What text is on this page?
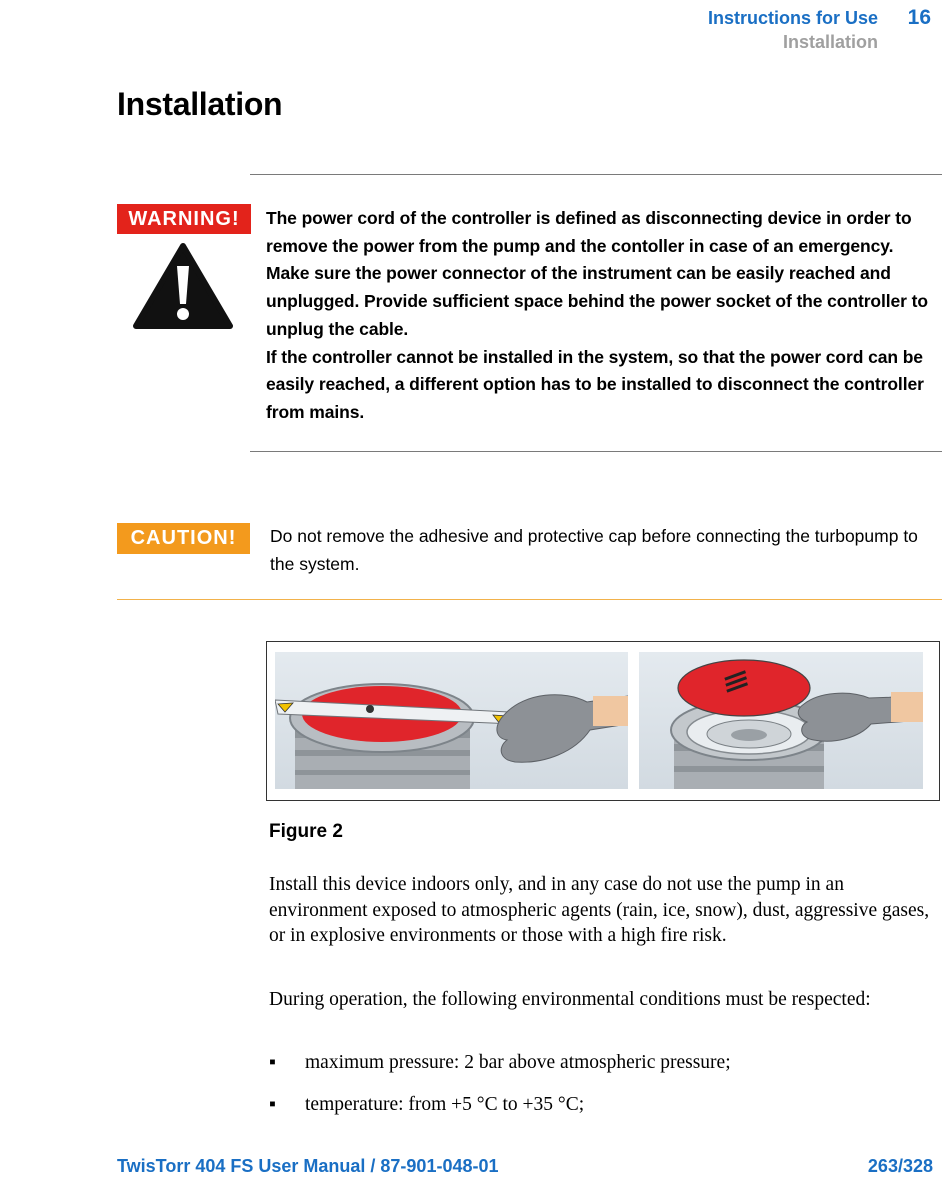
Instructions for Use 16
Installation
Installation
WARNING!	The power cord of the controller is defined as disconnecting device in order to remove the power from the pump and the contoller in case of an emergency. Make sure the power connector of the instrument can be easily reached and unplugged. Provide sufficient space behind the power socket of the controller to unplug the cable.

If the controller cannot be installed in the system, so that the power cord can be easily reached, a different option has to be installed to disconnect the controller from mains.

CAUTION!	Do not remove the adhesive and protective cap before connecting the turbopump to the system.
Figure 2

Install this device indoors only, and in any case do not use the pump in an environment exposed to atmospheric agents (rain, ice, snow), dust, aggressive gases, or in explosive environments or those with a high fire risk.

During operation, the following environmental conditions must be respected:

▪ maximum pressure: 2 bar above atmospheric pressure;
▪ temperature: from +5 °C to +35 °C;
TwisTorr 404 FS User Manual / 87-901-048-01	263/328
